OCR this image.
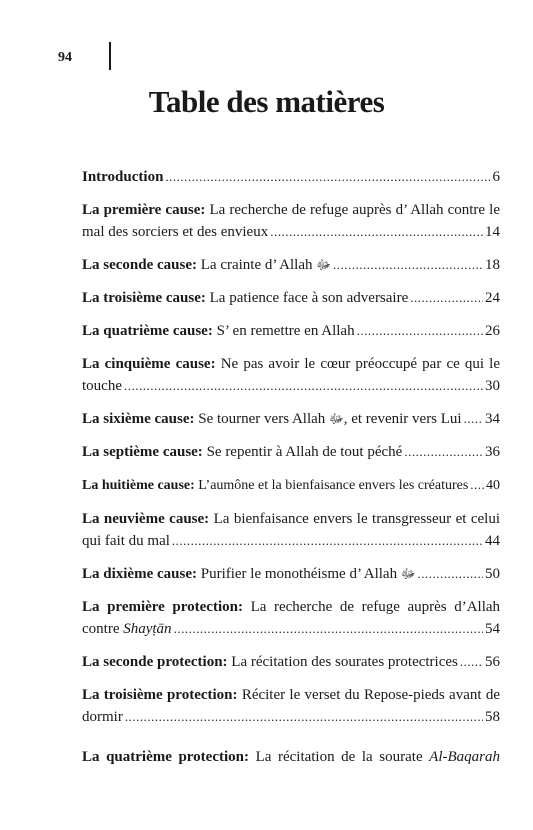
94
Table des matières
Introduction .....	6
La première cause: La recherche de refuge auprès d’ Allah contre le
mal des sorciers et des envieux .....	14
La seconde cause: La crainte d’ Allah ﷻ .....	18
La troisième cause: La patience face à son adversaire .....	24
La quatrième cause: S’ en remettre en Allah .....	26
La cinquième cause: Ne pas avoir le cœur préoccupé par ce qui le
touche .....	30
La sixième cause: Se tourner vers Allah ﷻ, et revenir vers Lui ..... 34
La septième cause: Se repentir à Allah de tout péché .....	36
La huitième cause: L’aumône et la bienfaisance envers les créatures ..... 40
La neuvième cause: La bienfaisance envers le transgresseur et celui
qui fait du mal .....	44
La dixième cause: Purifier le monothéisme d’ Allah ﷻ .....	50
La première protection: La recherche de refuge auprès d’Allah
contre Shayṭān .....	54
La seconde protection: La récitation des sourates protectrices ..... 56
La troisième protection: Réciter le verset du Repose-pieds avant de
dormir .....	58
La quatrième protection: La récitation de la sourate Al-Baqarah
